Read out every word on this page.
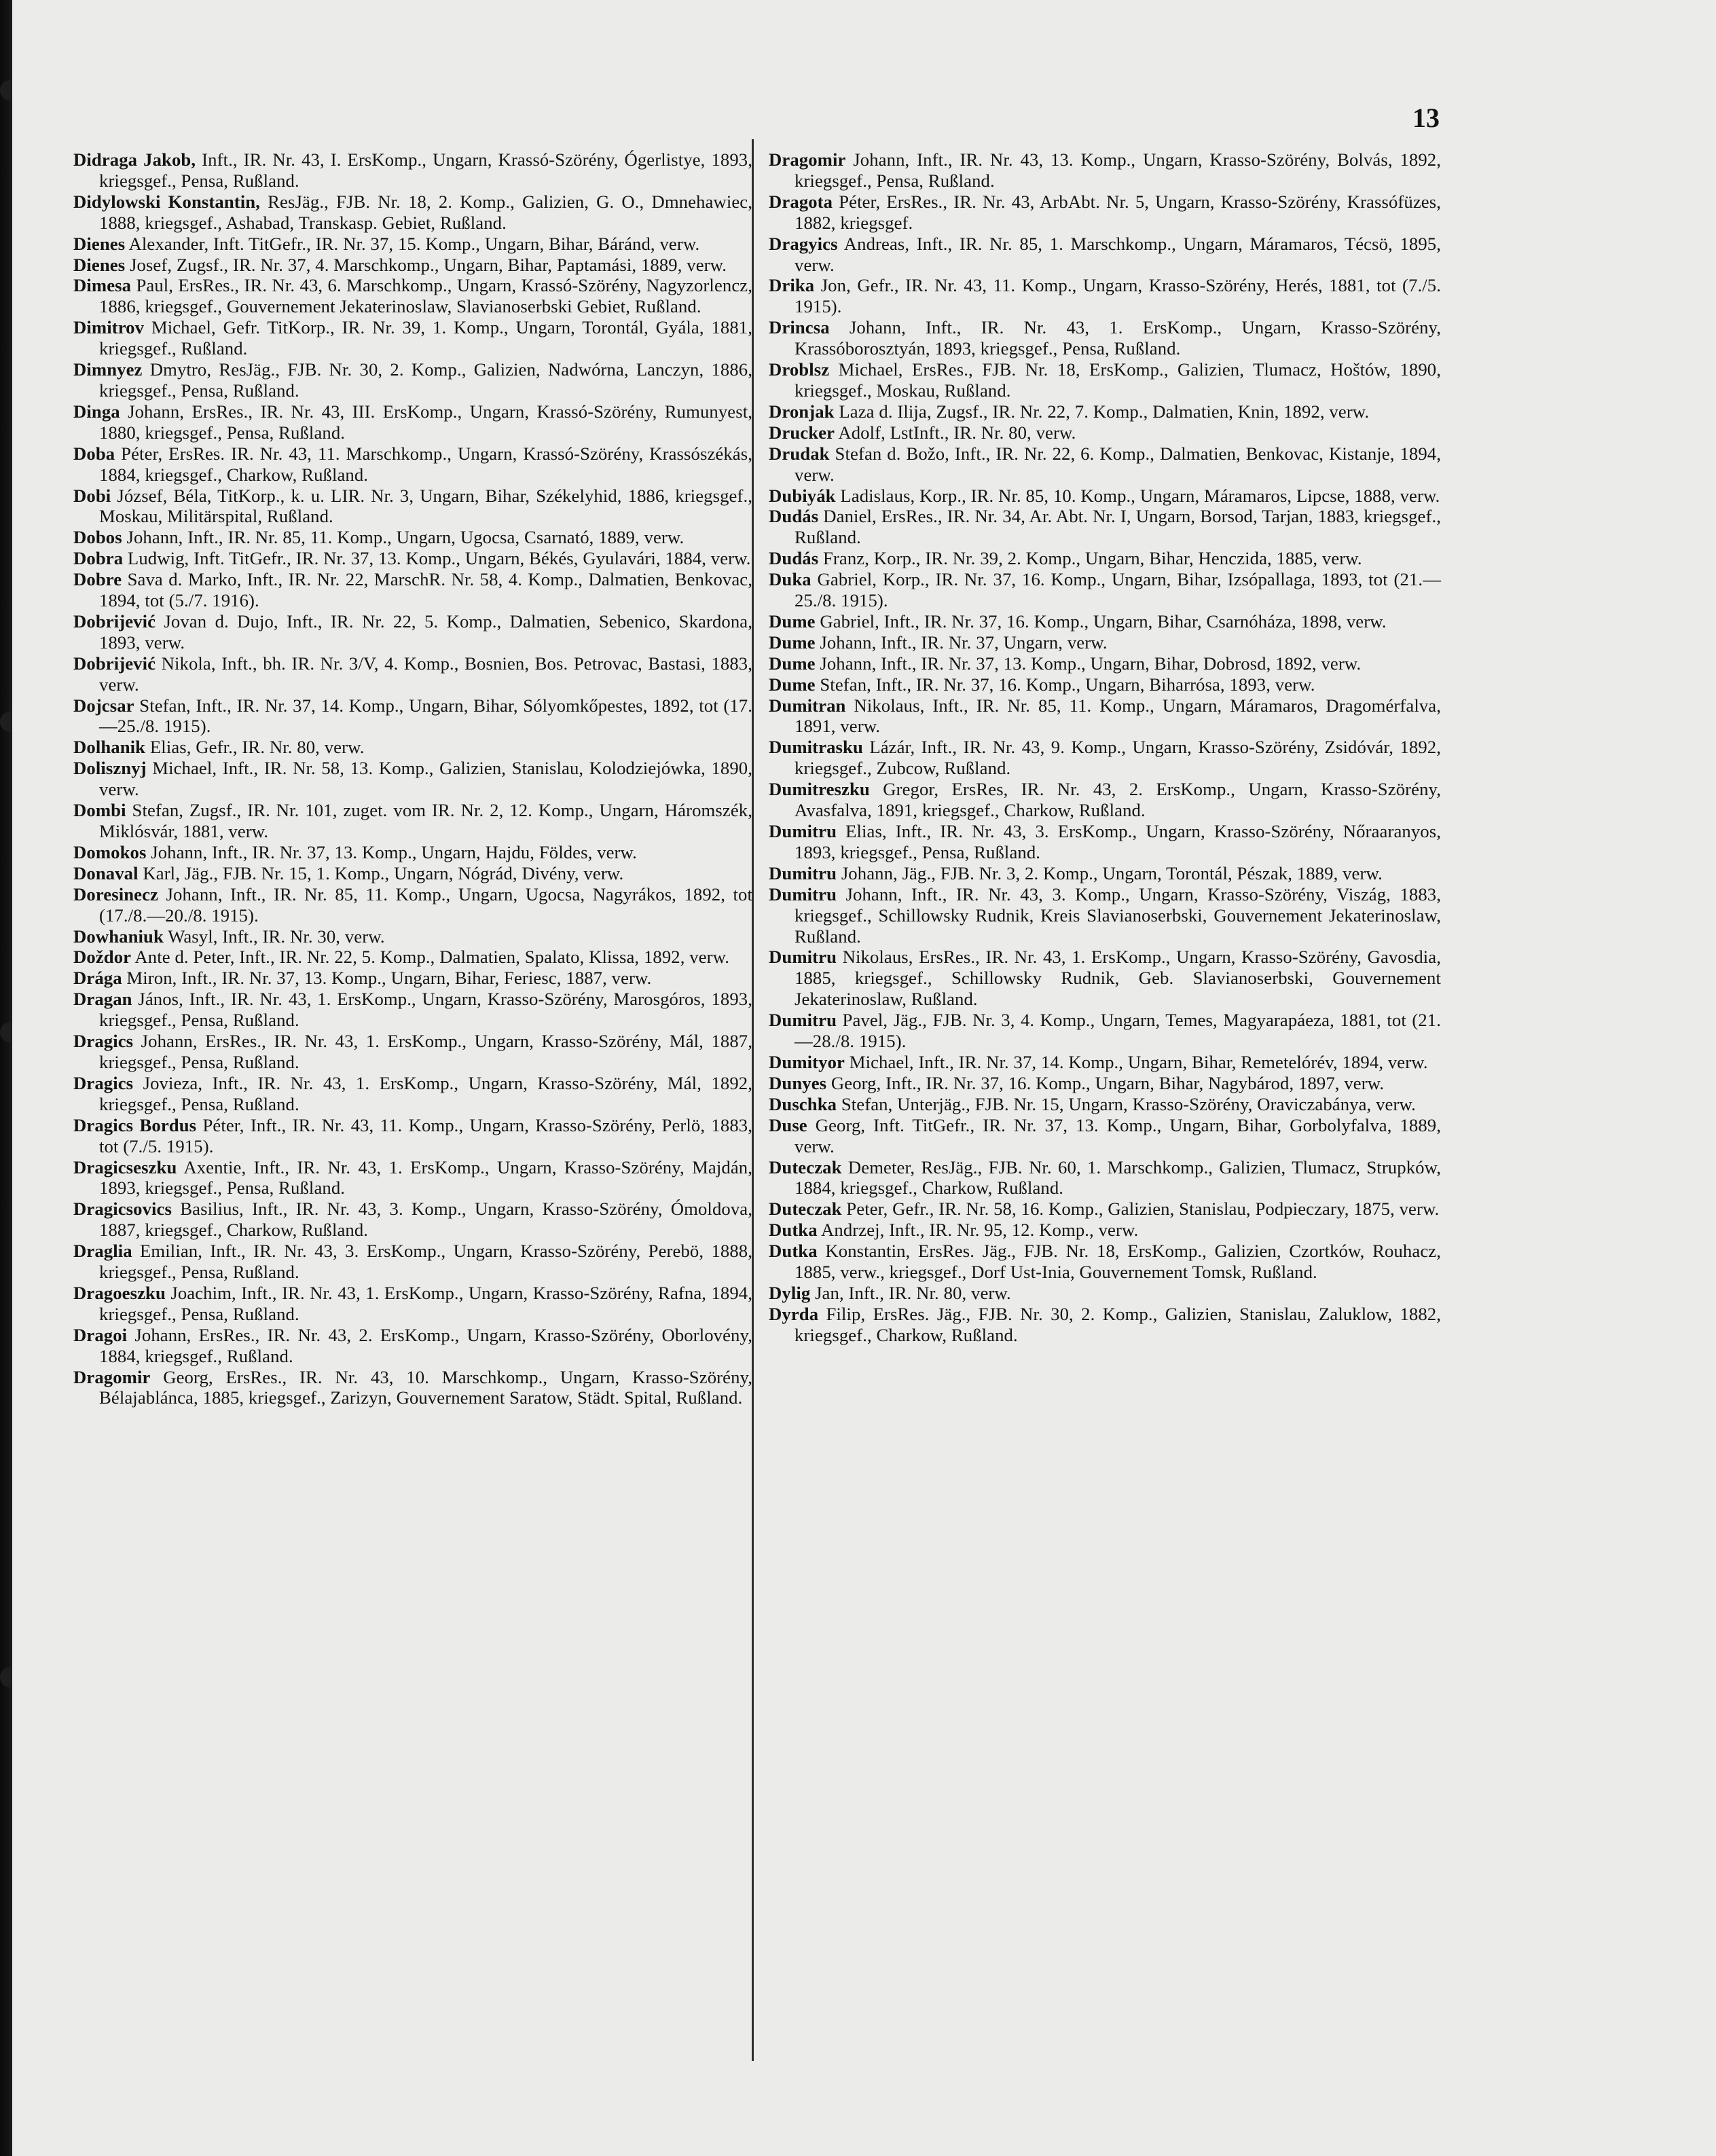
13
Didraga Jakob, Inft., IR. Nr. 43, I. ErsKomp., Ungarn, Krassó-Szörény, Ógerlistye, 1893, kriegsgef., Pensa, Rußland.
Didylowski Konstantin, ResJäg., FJB. Nr. 18, 2. Komp., Galizien, G. O., Dmnehawiec, 1888, kriegsgef., Ashabad, Transkasp. Gebiet, Rußland.
Dienes Alexander, Inft. TitGefr., IR. Nr. 37, 15. Komp., Ungarn, Bihar, Báránd, verw.
Dienes Josef, Zugsf., IR. Nr. 37, 4. Marschkomp., Ungarn, Bihar, Paptamási, 1889, verw.
Dimesa Paul, ErsRes., IR. Nr. 43, 6. Marschkomp., Ungarn, Krassó-Szörény, Nagyzorlencz, 1886, kriegsgef., Gouvernement Jekaterinoslaw, Slavianoserbski Gebiet, Rußland.
Dimitrov Michael, Gefr. TitKorp., IR. Nr. 39, 1. Komp., Ungarn, Torontál, Gyála, 1881, kriegsgef., Rußland.
Dimnyez Dmytro, ResJäg., FJB. Nr. 30, 2. Komp., Galizien, Nadwórna, Lanczyn, 1886, kriegsgef., Pensa, Rußland.
Dinga Johann, ErsRes., IR. Nr. 43, III. ErsKomp., Ungarn, Krassó-Szörény, Rumunyest, 1880, kriegsgef., Pensa, Rußland.
Doba Péter, ErsRes. IR. Nr. 43, 11. Marschkomp., Ungarn, Krassó-Szörény, Krassószékás, 1884, kriegsgef., Charkow, Rußland.
Dobi József, Béla, TitKorp., k. u. LIR. Nr. 3, Ungarn, Bihar, Székelyhid, 1886, kriegsgef., Moskau, Militärspital, Rußland.
Dobos Johann, Inft., IR. Nr. 85, 11. Komp., Ungarn, Ugocsa, Csarnató, 1889, verw.
Dobra Ludwig, Inft. TitGefr., IR. Nr. 37, 13. Komp., Ungarn, Békés, Gyulavári, 1884, verw.
Dobre Sava d. Marko, Inft., IR. Nr. 22, MarschR. Nr. 58, 4. Komp., Dalmatien, Benkovac, 1894, tot (5./7. 1916).
Dobrijević Jovan d. Dujo, Inft., IR. Nr. 22, 5. Komp., Dalmatien, Sebenico, Skardona, 1893, verw.
Dobrijević Nikola, Inft., bh. IR. Nr. 3/V, 4. Komp., Bosnien, Bos. Petrovac, Bastasi, 1883, verw.
Dojcsar Stefan, Inft., IR. Nr. 37, 14. Komp., Ungarn, Bihar, Sólyomkőpestes, 1892, tot (17.—25./8. 1915).
Dolhanik Elias, Gefr., IR. Nr. 80, verw.
Dolisznyj Michael, Inft., IR. Nr. 58, 13. Komp., Galizien, Stanislau, Kolodziejówka, 1890, verw.
Dombi Stefan, Zugsf., IR. Nr. 101, zuget. vom IR. Nr. 2, 12. Komp., Ungarn, Háromszék, Miklósvár, 1881, verw.
Domokos Johann, Inft., IR. Nr. 37, 13. Komp., Ungarn, Hajdu, Földes, verw.
Donaval Karl, Jäg., FJB. Nr. 15, 1. Komp., Ungarn, Nógrád, Divény, verw.
Doresinecz Johann, Inft., IR. Nr. 85, 11. Komp., Ungarn, Ugocsa, Nagyrákos, 1892, tot (17./8.—20./8. 1915).
Dowhaniuk Wasyl, Inft., IR. Nr. 30, verw.
Doždor Ante d. Peter, Inft., IR. Nr. 22, 5. Komp., Dalmatien, Spalato, Klissa, 1892, verw.
Drága Miron, Inft., IR. Nr. 37, 13. Komp., Ungarn, Bihar, Feriesc, 1887, verw.
Dragan János, Inft., IR. Nr. 43, 1. ErsKomp., Ungarn, Krasso-Szörény, Marosgóros, 1893, kriegsgef., Pensa, Rußland.
Dragics Johann, ErsRes., IR. Nr. 43, 1. ErsKomp., Ungarn, Krasso-Szörény, Mál, 1887, kriegsgef., Pensa, Rußland.
Dragics Jovieza, Inft., IR. Nr. 43, 1. ErsKomp., Ungarn, Krasso-Szörény, Mál, 1892, kriegsgef., Pensa, Rußland.
Dragics Bordus Péter, Inft., IR. Nr. 43, 11. Komp., Ungarn, Krasso-Szörény, Perlö, 1883, tot (7./5. 1915).
Dragicseszku Axentie, Inft., IR. Nr. 43, 1. ErsKomp., Ungarn, Krasso-Szörény, Majdán, 1893, kriegsgef., Pensa, Rußland.
Dragicsovics Basilius, Inft., IR. Nr. 43, 3. Komp., Ungarn, Krasso-Szörény, Ómoldova, 1887, kriegsgef., Charkow, Rußland.
Draglia Emilian, Inft., IR. Nr. 43, 3. ErsKomp., Ungarn, Krasso-Szörény, Perebö, 1888, kriegsgef., Pensa, Rußland.
Dragoeszku Joachim, Inft., IR. Nr. 43, 1. ErsKomp., Ungarn, Krasso-Szörény, Rafna, 1894, kriegsgef., Pensa, Rußland.
Dragoi Johann, ErsRes., IR. Nr. 43, 2. ErsKomp., Ungarn, Krasso-Szörény, Oborlovény, 1884, kriegsgef., Rußland.
Dragomir Georg, ErsRes., IR. Nr. 43, 10. Marschkomp., Ungarn, Krasso-Szörény, Bélajablánca, 1885, kriegsgef., Zarizyn, Gouvernement Saratow, Städt. Spital, Rußland.
Dragomir Johann, Inft., IR. Nr. 43, 13. Komp., Ungarn, Krasso-Szörény, Bolvás, 1892, kriegsgef., Pensa, Rußland.
Dragota Péter, ErsRes., IR. Nr. 43, ArbAbt. Nr. 5, Ungarn, Krasso-Szörény, Krassófüzes, 1882, kriegsgef.
Dragyics Andreas, Inft., IR. Nr. 85, 1. Marschkomp., Ungarn, Máramaros, Técsö, 1895, verw.
Drika Jon, Gefr., IR. Nr. 43, 11. Komp., Ungarn, Krasso-Szörény, Herés, 1881, tot (7./5. 1915).
Drincsa Johann, Inft., IR. Nr. 43, 1. ErsKomp., Ungarn, Krasso-Szörény, Krassóborosztyán, 1893, kriegsgef., Pensa, Rußland.
Droblsz Michael, ErsRes., FJB. Nr. 18, ErsKomp., Galizien, Tlumacz, Hoštów, 1890, kriegsgef., Moskau, Rußland.
Dronjak Laza d. Ilija, Zugsf., IR. Nr. 22, 7. Komp., Dalmatien, Knin, 1892, verw.
Drucker Adolf, LstInft., IR. Nr. 80, verw.
Drudak Stefan d. Božo, Inft., IR. Nr. 22, 6. Komp., Dalmatien, Benkovac, Kistanje, 1894, verw.
Dubiyák Ladislaus, Korp., IR. Nr. 85, 10. Komp., Ungarn, Máramaros, Lipcse, 1888, verw.
Dudás Daniel, ErsRes., IR. Nr. 34, Ar. Abt. Nr. I, Ungarn, Borsod, Tarjan, 1883, kriegsgef., Rußland.
Dudás Franz, Korp., IR. Nr. 39, 2. Komp., Ungarn, Bihar, Henczida, 1885, verw.
Duka Gabriel, Korp., IR. Nr. 37, 16. Komp., Ungarn, Bihar, Izsópallaga, 1893, tot (21.—25./8. 1915).
Dume Gabriel, Inft., IR. Nr. 37, 16. Komp., Ungarn, Bihar, Csarnóháza, 1898, verw.
Dume Johann, Inft., IR. Nr. 37, Ungarn, verw.
Dume Johann, Inft., IR. Nr. 37, 13. Komp., Ungarn, Bihar, Dobrosd, 1892, verw.
Dume Stefan, Inft., IR. Nr. 37, 16. Komp., Ungarn, Biharrósa, 1893, verw.
Dumitran Nikolaus, Inft., IR. Nr. 85, 11. Komp., Ungarn, Máramaros, Dragomérfalva, 1891, verw.
Dumitrasku Lázár, Inft., IR. Nr. 43, 9. Komp., Ungarn, Krasso-Szörény, Zsidóvár, 1892, kriegsgef., Zubcow, Rußland.
Dumitreszku Gregor, ErsRes, IR. Nr. 43, 2. ErsKomp., Ungarn, Krasso-Szörény, Avasfalva, 1891, kriegsgef., Charkow, Rußland.
Dumitru Elias, Inft., IR. Nr. 43, 3. ErsKomp., Ungarn, Krasso-Szörény, Nőraaranyos, 1893, kriegsgef., Pensa, Rußland.
Dumitru Johann, Jäg., FJB. Nr. 3, 2. Komp., Ungarn, Torontál, Pészak, 1889, verw.
Dumitru Johann, Inft., IR. Nr. 43, 3. Komp., Ungarn, Krasso-Szörény, Viszág, 1883, kriegsgef., Schillowsky Rudnik, Kreis Slavianoserbski, Gouvernement Jekaterinoslaw, Rußland.
Dumitru Nikolaus, ErsRes., IR. Nr. 43, 1. ErsKomp., Ungarn, Krasso-Szörény, Gavosdia, 1885, kriegsgef., Schillowsky Rudnik, Geb. Slavianoserbski, Gouvernement Jekaterinoslaw, Rußland.
Dumitru Pavel, Jäg., FJB. Nr. 3, 4. Komp., Ungarn, Temes, Magyarapáeza, 1881, tot (21.—28./8. 1915).
Dumityor Michael, Inft., IR. Nr. 37, 14. Komp., Ungarn, Bihar, Remetelórév, 1894, verw.
Dunyes Georg, Inft., IR. Nr. 37, 16. Komp., Ungarn, Bihar, Nagybárod, 1897, verw.
Duschka Stefan, Unterjäg., FJB. Nr. 15, Ungarn, Krasso-Szörény, Oraviczabánya, verw.
Duse Georg, Inft. TitGefr., IR. Nr. 37, 13. Komp., Ungarn, Bihar, Gorbolyfalva, 1889, verw.
Duteczak Demeter, ResJäg., FJB. Nr. 60, 1. Marschkomp., Galizien, Tlumacz, Strupków, 1884, kriegsgef., Charkow, Rußland.
Duteczak Peter, Gefr., IR. Nr. 58, 16. Komp., Galizien, Stanislau, Podpieczary, 1875, verw.
Dutka Andrzej, Inft., IR. Nr. 95, 12. Komp., verw.
Dutka Konstantin, ErsRes. Jäg., FJB. Nr. 18, ErsKomp., Galizien, Czortków, Rouhacz, 1885, verw., kriegsgef., Dorf Ust-Inia, Gouvernement Tomsk, Rußland.
Dylig Jan, Inft., IR. Nr. 80, verw.
Dyrda Filip, ErsRes. Jäg., FJB. Nr. 30, 2. Komp., Galizien, Stanislau, Zaluklow, 1882, kriegsgef., Charkow, Rußland.
